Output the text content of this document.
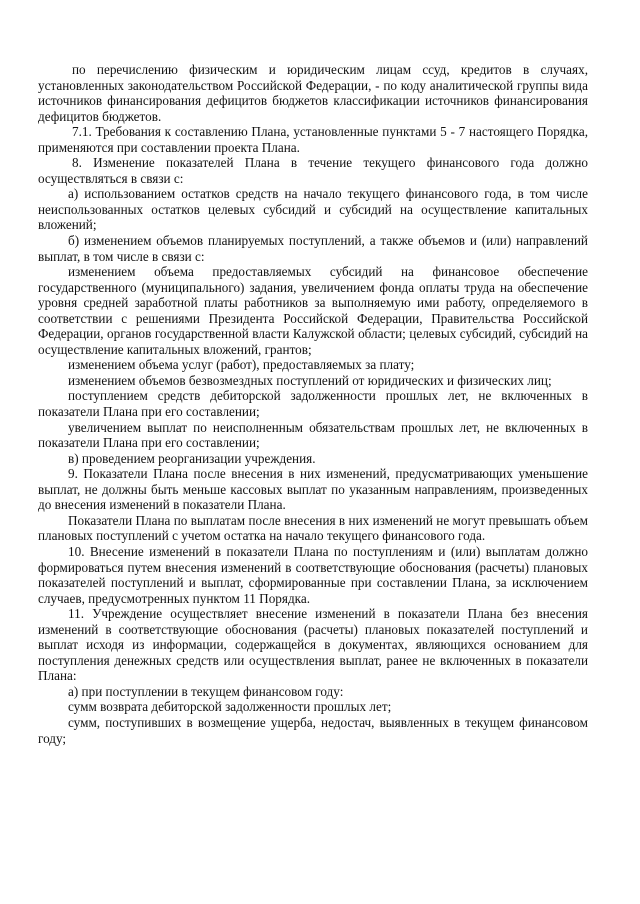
по перечислению физическим и юридическим лицам ссуд, кредитов в случаях, установленных законодательством Российской Федерации, - по коду аналитической группы вида источников финансирования дефицитов бюджетов классификации источников финансирования дефицитов бюджетов.

7.1. Требования к составлению Плана, установленные пунктами 5 - 7 настоящего Порядка, применяются при составлении проекта Плана.

8. Изменение показателей Плана в течение текущего финансового года должно осуществляться в связи с:

а) использованием остатков средств на начало текущего финансового года, в том числе неиспользованных остатков целевых субсидий и субсидий на осуществление капитальных вложений;

б) изменением объемов планируемых поступлений, а также объемов и (или) направлений выплат, в том числе в связи с:

изменением объема предоставляемых субсидий на финансовое обеспечение государственного (муниципального) задания, увеличением фонда оплаты труда на обеспечение уровня средней заработной платы работников за выполняемую ими работу, определяемого в соответствии с решениями Президента Российской Федерации, Правительства Российской Федерации, органов государственной власти Калужской области; целевых субсидий, субсидий на осуществление капитальных вложений, грантов;

изменением объема услуг (работ), предоставляемых за плату;

изменением объемов безвозмездных поступлений от юридических и физических лиц;

поступлением средств дебиторской задолженности прошлых лет, не включенных в показатели Плана при его составлении;

увеличением выплат по неисполненным обязательствам прошлых лет, не включенных в показатели Плана при его составлении;

в) проведением реорганизации учреждения.

9. Показатели Плана после внесения в них изменений, предусматривающих уменьшение выплат, не должны быть меньше кассовых выплат по указанным направлениям, произведенных до внесения изменений в показатели Плана.

Показатели Плана по выплатам после внесения в них изменений не могут превышать объем плановых поступлений с учетом остатка на начало текущего финансового года.

10. Внесение изменений в показатели Плана по поступлениям и (или) выплатам должно формироваться путем внесения изменений в соответствующие обоснования (расчеты) плановых показателей поступлений и выплат, сформированные при составлении Плана, за исключением случаев, предусмотренных пунктом 11 Порядка.

11. Учреждение осуществляет внесение изменений в показатели Плана без внесения изменений в соответствующие обоснования (расчеты) плановых показателей поступлений и выплат исходя из информации, содержащейся в документах, являющихся основанием для поступления денежных средств или осуществления выплат, ранее не включенных в показатели Плана:

а) при поступлении в текущем финансовом году:

сумм возврата дебиторской задолженности прошлых лет;

сумм, поступивших в возмещение ущерба, недостач, выявленных в текущем финансовом году;
